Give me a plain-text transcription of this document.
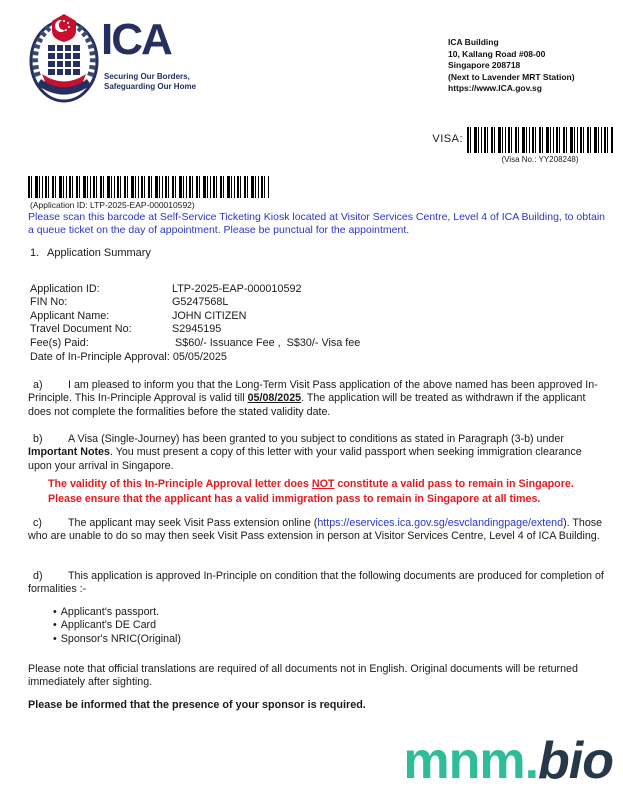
ICA
Securing Our Borders,
Safeguarding Our Home
ICA Building
10, Kallang Road #08-00
Singapore 208718
(Next to Lavender MRT Station)
https://www.ICA.gov.sg
VISA:
(Visa No.: YY208248)
(Application ID: LTP-2025-EAP-000010592)
Please scan this barcode at Self-Service Ticketing Kiosk located at Visitor Services Centre, Level 4 of ICA Building, to obtain a queue ticket on the day of appointment. Please be punctual for the appointment.
1. Application Summary
Application ID:	LTP-2025-EAP-000010592
FIN No:	G5247568L
Applicant Name:	JOHN CITIZEN
Travel Document No:	S2945195
Fee(s) Paid:	S$60/- Issuance Fee ,  S$30/- Visa fee
Date of In-Principle Approval: 05/05/2025

a) I am pleased to inform you that the Long-Term Visit Pass application of the above named has been approved In-Principle. This In-Principle Approval is valid till 05/08/2025. The application will be treated as withdrawn if the applicant does not complete the formalities before the stated validity date.

b) A Visa (Single-Journey) has been granted to you subject to conditions as stated in Paragraph (3-b) under Important Notes. You must present a copy of this letter with your valid passport when seeking immigration clearance upon your arrival in Singapore.

The validity of this In-Principle Approval letter does NOT constitute a valid pass to remain in Singapore. Please ensure that the applicant has a valid immigration pass to remain in Singapore at all times.

c) The applicant may seek Visit Pass extension online (https://eservices.ica.gov.sg/esvclandingpage/extend). Those who are unable to do so may then seek Visit Pass extension in person at Visitor Services Centre, Level 4 of ICA Building.

d) This application is approved In-Principle on condition that the following documents are produced for completion of formalities :-

• Applicant's passport.
• Applicant's DE Card
• Sponsor's NRIC(Original)

Please note that official translations are required of all documents not in English. Original documents will be returned immediately after sighting.

Please be informed that the presence of your sponsor is required.

mnm.bio
